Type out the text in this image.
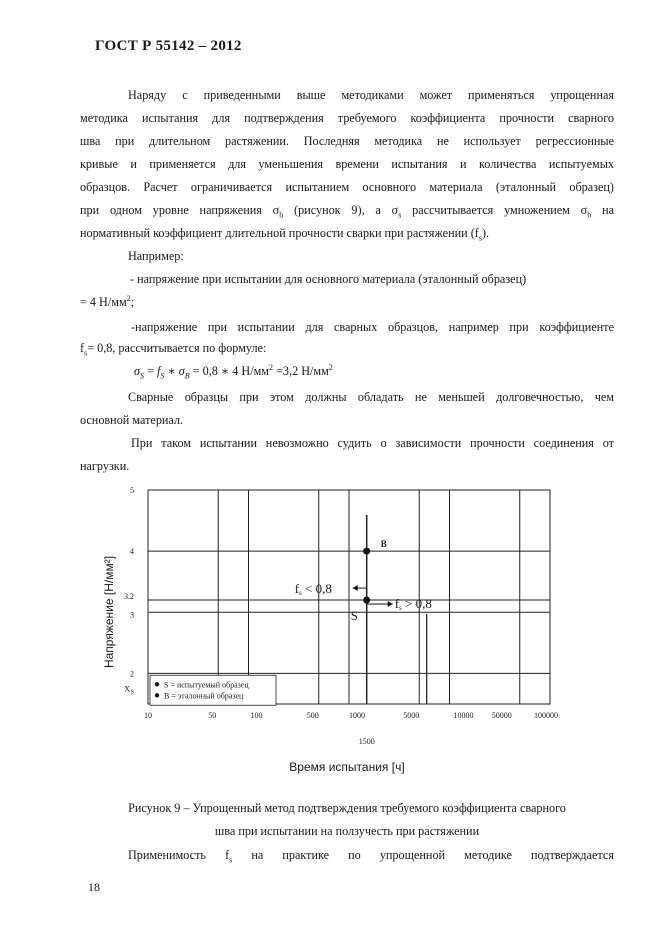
ГОСТ Р 55142 – 2012
Наряду с приведенными выше методиками может применяться упрощенная
методика испытания для подтверждения требуемого коэффициента прочности сварного
шва при длительном растяжении. Последняя методика не использует регрессионные
кривые и применяется для уменьшения времени испытания и количества испытуемых
образцов. Расчет ограничивается испытанием основного материала (эталонный образец)
при одном уровне напряжения $\sigma_b$ (рисунок 9), а $\sigma_s$ рассчитывается умножением $\sigma_b$ на
нормативный коэффициент длительной прочности сварки при растяжении $(f_s)$.
Например:
- напряжение при испытании для основного материала (эталонный образец)
= 4 $Н/мм^2$;
-напряжение при испытании для сварных образцов, например при коэффициенте
$f_s= 0,8$, рассчитывается по формуле:
$\sigma_S = f_S$ ∗ $\sigma_B = 0,8$ ∗ 4 $Н/мм^2 =3,2$ $Н/мм^2$
Сварные образцы при этом должны обладать не меньшей долговечностью, чем
основной материал.
При таком испытании невозможно судить о зависимости прочности соединения от
нагрузки.
10	50	100	500	1000	5000	10000 50000	100000
1500
2
3
3.2
4
5
X S
B
S
fs < 0,8
fs > 0,8
S = испытуемый образец
B = эталонный образец
Время испытания [ч]
Напряжение [Н/мм²]
Рисунок 9 – Упрощенный метод подтверждения требуемого коэффициента сварного
шва при испытании на ползучесть при растяжении
Применимость $f_s$ на практике по упрощенной методике подтверждается
18
